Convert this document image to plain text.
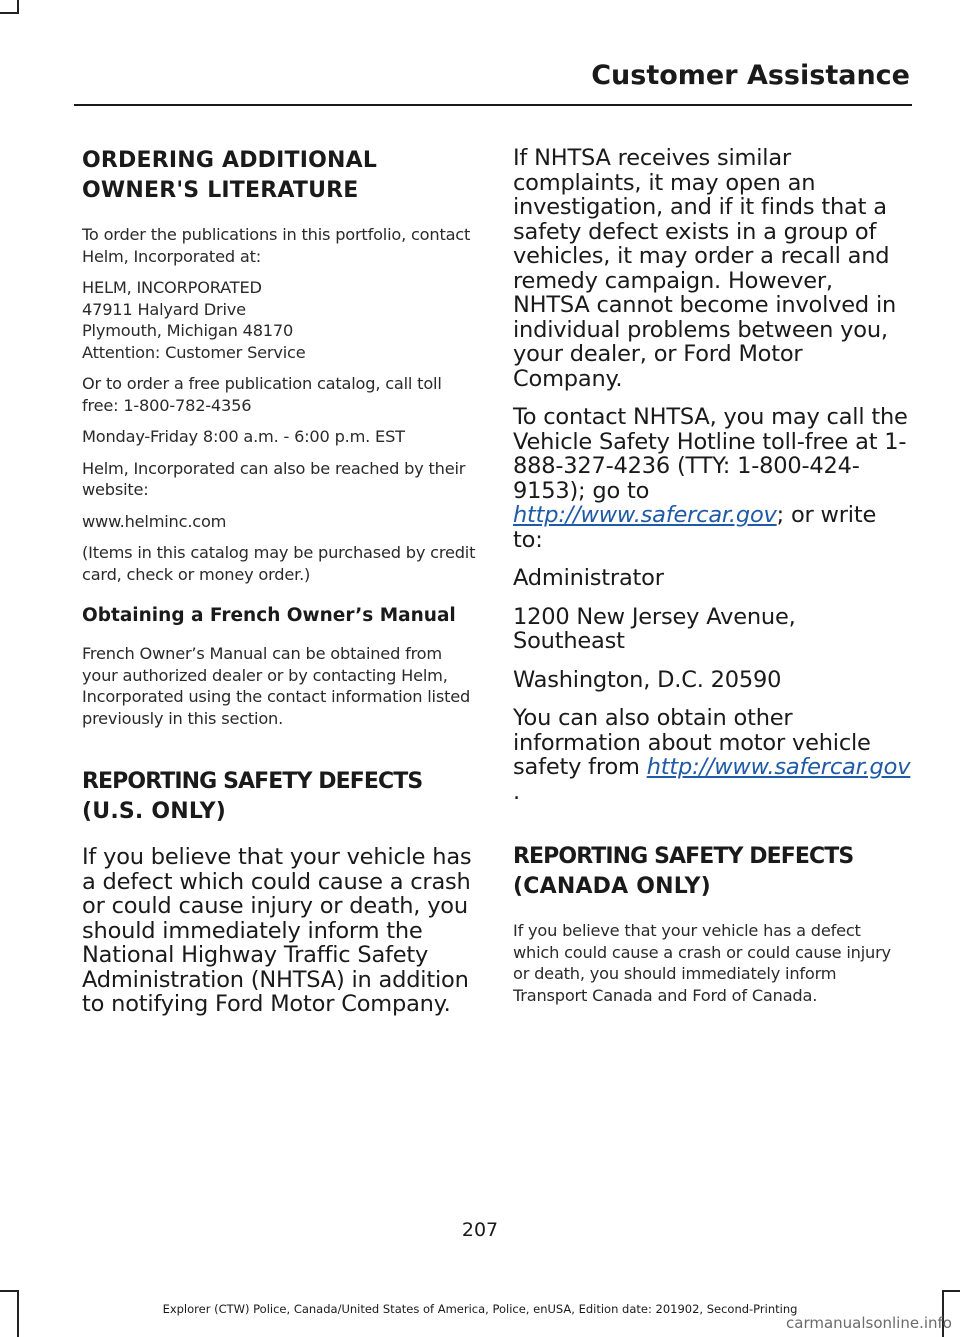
Customer Assistance
ORDERING ADDITIONAL
OWNER'S LITERATURE

To order the publications in this portfolio, contact Helm, Incorporated at:

HELM, INCORPORATED
47911 Halyard Drive
Plymouth, Michigan 48170
Attention: Customer Service

Or to order a free publication catalog, call toll free: 1-800-782-4356

Monday-Friday 8:00 a.m. - 6:00 p.m. EST

Helm, Incorporated can also be reached by their website:

www.helminc.com

(Items in this catalog may be purchased by credit card, check or money order.)

Obtaining a French Owner’s Manual

French Owner’s Manual can be obtained from your authorized dealer or by contacting Helm, Incorporated using the contact information listed previously in this section.

REPORTING SAFETY DEFECTS
(U.S. ONLY)

If you believe that your vehicle has a defect which could cause a crash or could cause injury or death, you should immediately inform the National Highway Traffic Safety Administration (NHTSA) in addition to notifying Ford Motor Company.

If NHTSA receives similar complaints, it may open an investigation, and if it finds that a safety defect exists in a group of vehicles, it may order a recall and remedy campaign. However, NHTSA cannot become involved in individual problems between you, your dealer, or Ford Motor Company.

To contact NHTSA, you may call the Vehicle Safety Hotline toll-free at 1-888-327-4236 (TTY: 1-800-424-9153); go to http://www.safercar.gov; or write to:

Administrator

1200 New Jersey Avenue, Southeast

Washington, D.C. 20590

You can also obtain other information about motor vehicle safety from http://www.safercar.gov .

REPORTING SAFETY DEFECTS
(CANADA ONLY)

If you believe that your vehicle has a defect which could cause a crash or could cause injury or death, you should immediately inform Transport Canada and Ford of Canada.

207
Explorer (CTW) Police, Canada/United States of America, Police, enUSA, Edition date: 201902, Second-Printing
carmanualsonline.info
